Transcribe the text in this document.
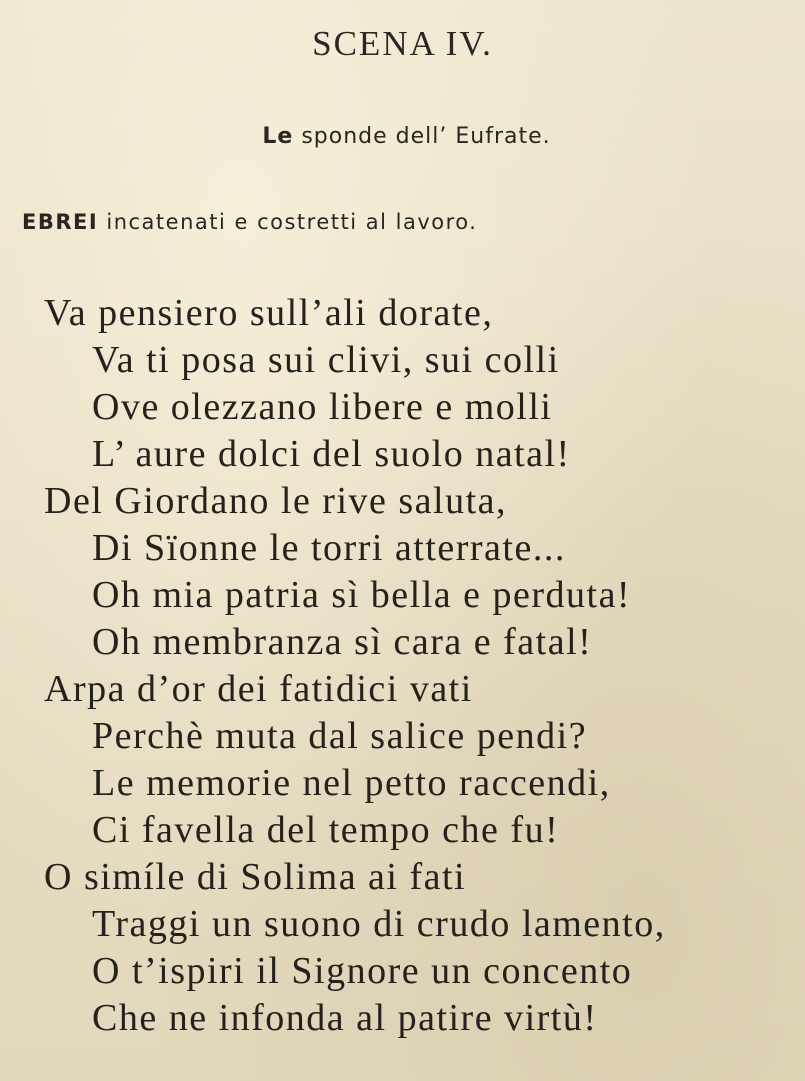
SCENA IV.
Le sponde dell’ Eufrate.
EBREI incatenati e costretti al lavoro.
Va pensiero sull’ali dorate,
Va ti posa sui clivi, sui colli
Ove olezzano libere e molli
L’ aure dolci del suolo natal!
Del Giordano le rive saluta,
Di Sïonne le torri atterrate...
Oh mia patria sì bella e perduta!
Oh membranza sì cara e fatal!
Arpa d’or dei fatidici vati
Perchè muta dal salice pendi?
Le memorie nel petto raccendi,
Ci favella del tempo che fu!
O simíle di Solima ai fati
Traggi un suono di crudo lamento,
O t’ispiri il Signore un concento
Che ne infonda al patire virtù!
